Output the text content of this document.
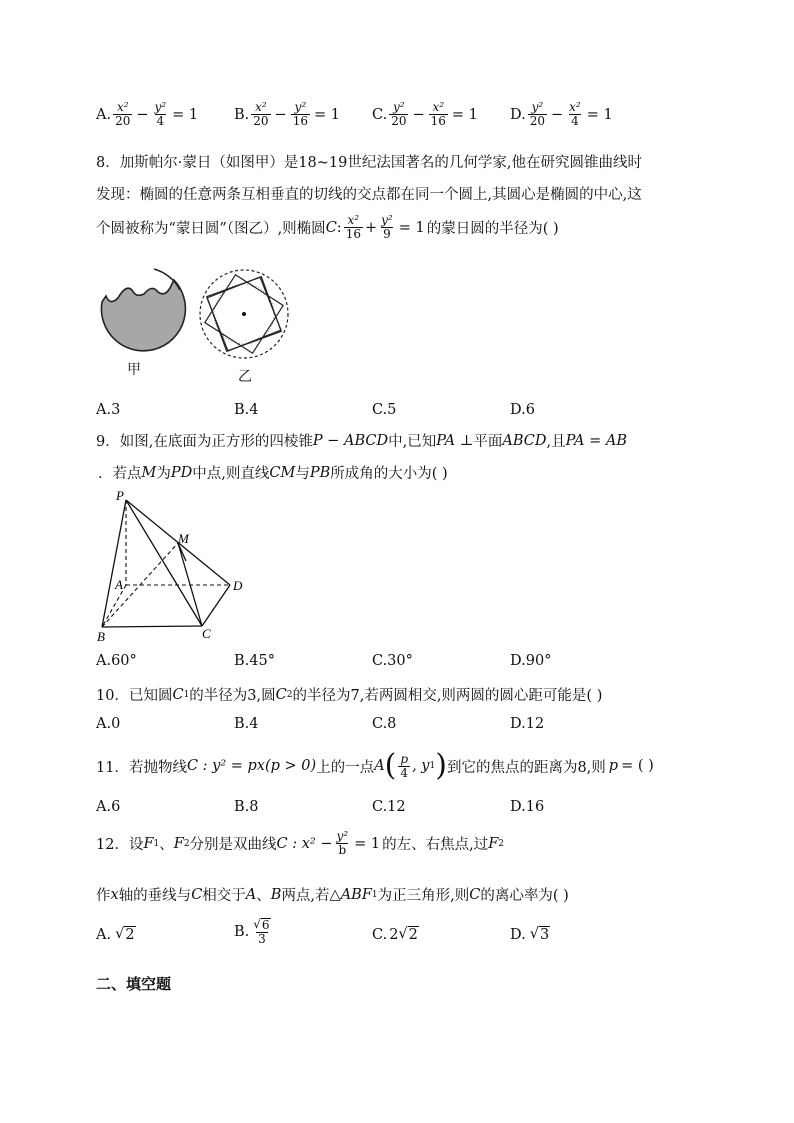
A. $\frac{\text{x²}}{20} - \frac{\text{y²}}{4} = 1$ B. $\frac{\text{x²}}{20} - \frac{\text{y²}}{16} = 1$ C. $\frac{\text{y²}}{20} - \frac{\text{x²}}{16} = 1$ D. $\frac{\text{y²}}{20} - \frac{\text{x²}}{4} = 1$
8．加斯帕尔·蒙日（如图甲）是18~19世纪法国著名的几何学家,他在研究圆锥曲线时
发现：椭圆的任意两条互相垂直的切线的交点都在同一个圆上,其圆心是椭圆的中心,这
个圆被称为“蒙日圆”（图乙）,则椭圆 C : $\frac{\text{x²}}{16} + \frac{\text{y²}}{9} = 1$ 的蒙日圆的半径为( )
甲	乙
A.3	B.4	C.5	D.6
9．如图,在底面为正方形的四棱锥 P − ABCD 中,已知 PA ⊥ 平面 ABCD ,且 PA = AB
．若点 M 为 PD 中点,则直线 CM 与 PB 所成角的大小为( )
P
M
A	D
B	C
A.60°	B.45°	C.30°	D.90°
10．已知圆 C 1 的半径为3,圆 C 2 的半径为7,若两圆相交,则两圆的圆心距可能是( )
A.0	B.4	C.8	D.12
11．若抛物线 C : y² = px (p > 0) 上的一点 A ( $\frac{p}{4}$ , y 1 ) 到它的焦点的距离为8,则 p = ( )
A.6	B.8	C.12	D.16
12．设 F 1 、 F 2 分别是双曲线 C : $x^2 - \frac{\text{y²}}{b} = 1$ 的左、右焦点,过 F 2
作 x 轴的垂线与 C 相交于 A 、 B 两点,若 △ABF 1 为正三角形,则 C 的离心率为( )
A. √ 2	B. $\frac{√ 6}{3}$	C. 2 √ 2	D. √ 3
二、填空题
